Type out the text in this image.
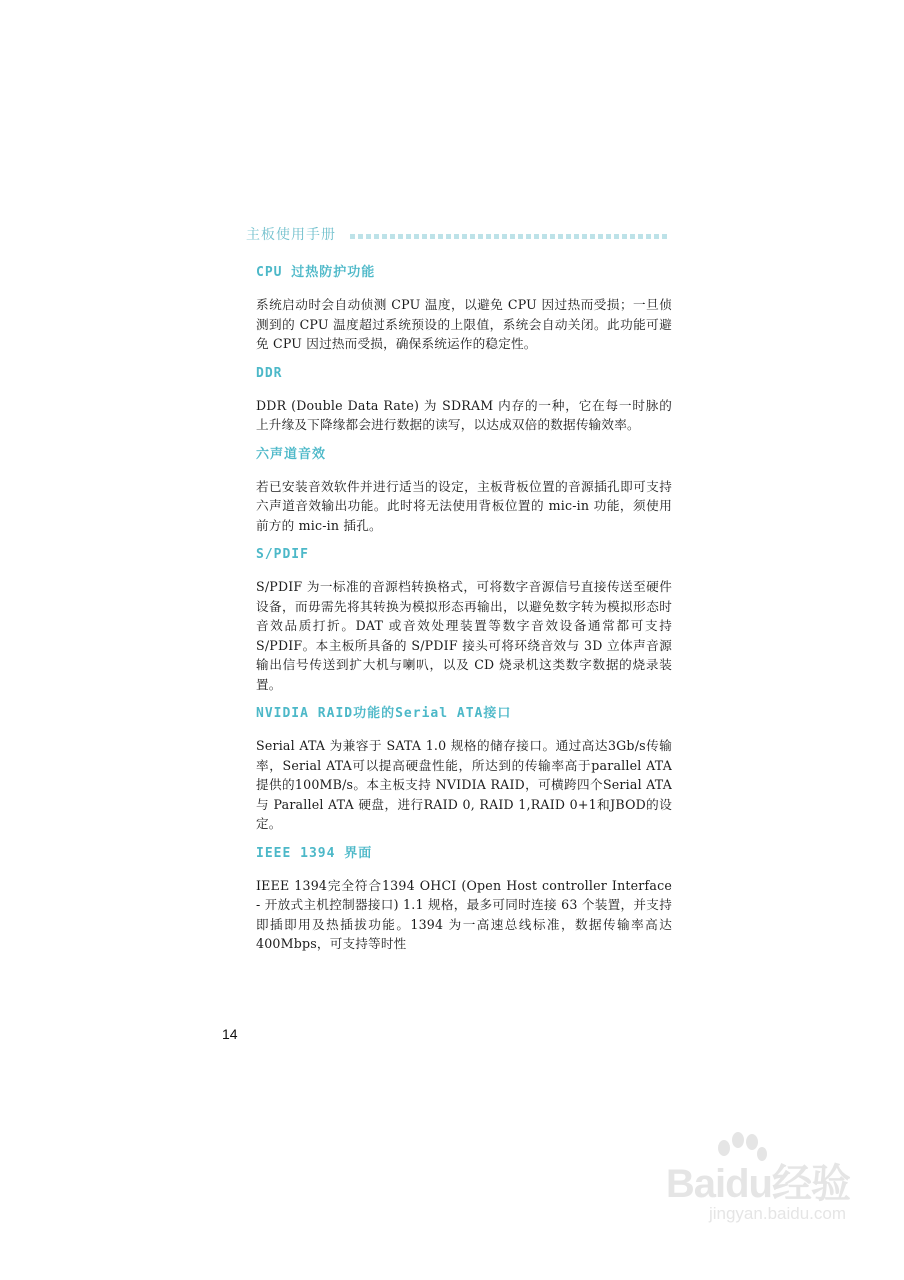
主板使用手册
CPU 过热防护功能

系统启动时会自动侦测 CPU 温度，以避免 CPU 因过热而受损；一旦侦测到的 CPU 温度超过系统预设的上限值，系统会自动关闭。此功能可避免 CPU 因过热而受损，确保系统运作的稳定性。

DDR

DDR (Double Data Rate) 为 SDRAM 内存的一种，它在每一时脉的上升缘及下降缘都会进行数据的读写，以达成双倍的数据传输效率。

六声道音效

若已安装音效软件并进行适当的设定，主板背板位置的音源插孔即可支持六声道音效输出功能。此时将无法使用背板位置的 mic-in 功能，须使用前方的 mic-in 插孔。

S/PDIF

S/PDIF 为一标准的音源档转换格式，可将数字音源信号直接传送至硬件设备，而毋需先将其转换为模拟形态再输出，以避免数字转为模拟形态时音效品质打折。DAT 或音效处理装置等数字音效设备通常都可支持 S/PDIF。本主板所具备的 S/PDIF 接头可将环绕音效与 3D 立体声音源输出信号传送到扩大机与喇叭，以及 CD 烧录机这类数字数据的烧录装置。

NVIDIA RAID功能的Serial ATA接口

Serial ATA 为兼容于 SATA 1.0 规格的储存接口。通过高达3Gb/s传输率，Serial ATA可以提高硬盘性能，所达到的传输率高于parallel ATA提供的100MB/s。本主板支持 NVIDIA RAID，可横跨四个Serial ATA 与 Parallel ATA 硬盘，进行RAID 0, RAID 1,RAID 0+1和JBOD的设定。

IEEE 1394 界面

IEEE 1394完全符合1394 OHCI (Open Host controller Interface - 开放式主机控制器接口) 1.1 规格，最多可同时连接 63 个装置，并支持即插即用及热插拔功能。1394 为一高速总线标准，数据传输率高达 400Mbps，可支持等时性

14
Baidu经验
jingyan.baidu.com
